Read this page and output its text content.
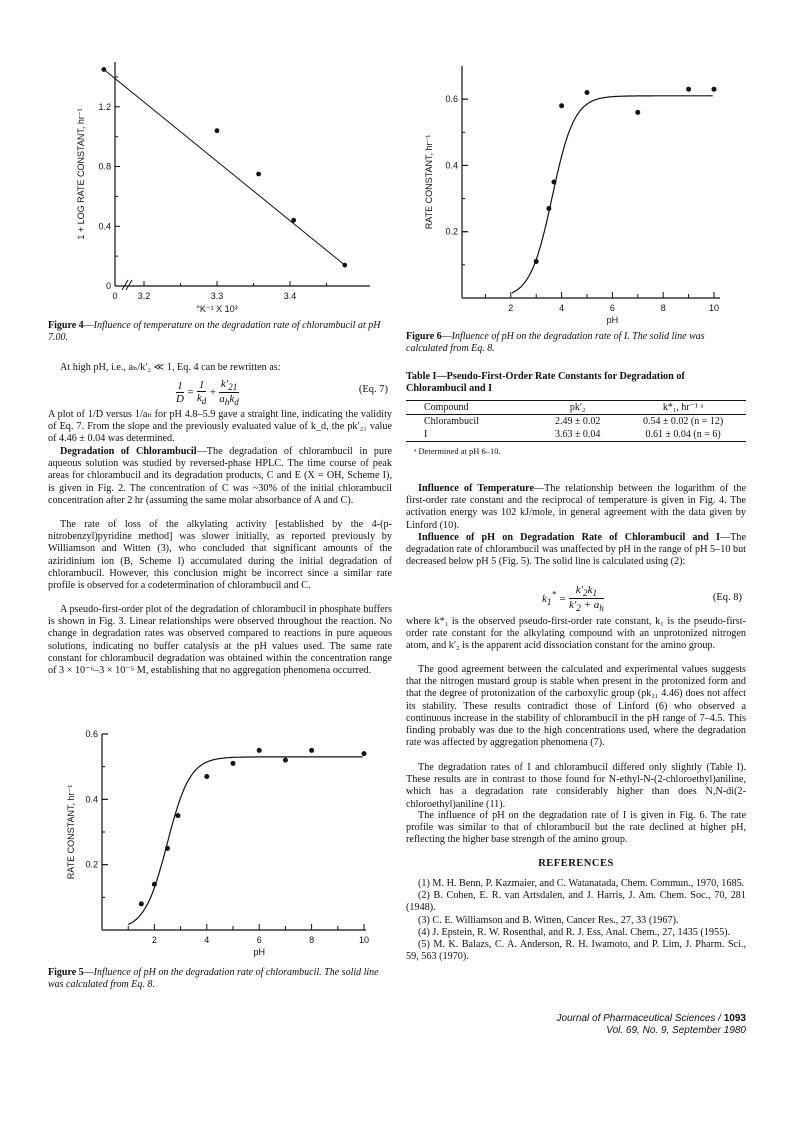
0
0.4
0.8
1.2
0 3.2	3.3	3.4
°K⁻¹ X 10³
1 + LOG RATE CONSTANT, hr⁻¹
Figure 4—Influence of temperature on the degradation rate of chlorambucil at pH 7.00.

At high pH, i.e., aₕ/k′₂ ≪ 1, Eq. 4 can be rewritten as:

$\frac{1}{D} = \frac{1}{k_d}$ +
$k'_{21}$
$a_hk_d$
(Eq. 7)

A plot of 1/D versus 1/aₕ for pH 4.8–5.9 gave a straight line, indicating the validity of Eq. 7. From the slope and the previously evaluated value of k_d, the pk′₂₁ value of 4.46 ± 0.04 was determined.

Degradation of Chlorambucil—The degradation of chlorambucil in pure aqueous solution was studied by reversed-phase HPLC. The time course of peak areas for chlorambucil and its degradation products, C and E (X = OH, Scheme I), is given in Fig. 2. The concentration of C was ~30% of the initial chlorambucil concentration after 2 hr (assuming the same molar absorbance of A and C).

The rate of loss of the alkylating activity [established by the 4-(p-nitrobenzyl)pyridine method] was slower initially, as reported previously by Williamson and Witten (3), who concluded that significant amounts of the aziridinium ion (B, Scheme I) accumulated during the initial degradation of chlorambucil. However, this conclusion might be incorrect since a similar rate profile is observed for a codetermination of chlorambucil and C.

A pseudo-first-order plot of the degradation of chlorambucil in phosphate buffers is shown in Fig. 3. Linear relationships were observed throughout the reaction. No change in degradation rates was observed compared to reactions in pure aqueous solutions, indicating no buffer catalysis at the pH values used. The same rate constant for chlorambucil degradation was obtained within the concentration range of 3 × 10⁻⁶–3 × 10⁻⁵ M, establishing that no aggregation phenomena occurred.

0.2
0.4
0.6
2	4	6	8	10
pH
RATE CONSTANT, hr⁻¹
Figure 5—Influence of pH on the degradation rate of chlorambucil. The solid line was calculated from Eq. 8.
0.2
0.4
0.6
2	4	6	8	10
pH
RATE CONSTANT, hr⁻¹
Figure 6—Influence of pH on the degradation rate of I. The solid line was calculated from Eq. 8.
Table I—Pseudo-First-Order Rate Constants for Degradation of Chlorambucil and I
Compound	pk′₂	k*₁, hr⁻¹ ᵃ
Chlorambucil	2.49 ± 0.02	0.54 ± 0.02 (n = 12)
I	3.63 ± 0.04	0.61 ± 0.04 (n = 6)
ᵃ Determined at pH 6–10.

Influence of Temperature—The relationship between the logarithm of the first-order rate constant and the reciprocal of temperature is given in Fig. 4. The activation energy was 102 kJ/mole, in general agreement with the data given by Linford (10).

Influence of pH on Degradation Rate of Chlorambucil and I—The degradation rate of chlorambucil was unaffected by pH in the range of pH 5–10 but decreased below pH 5 (Fig. 5). The solid line is calculated using (2):

$k_1^* = \frac{k'_2k_1}{k'_2 + a_h}$	(Eq. 8)

where k*₁ is the observed pseudo-first-order rate constant, k₁ is the pseudo-first-order rate constant for the alkylating compound with an unprotonized nitrogen atom, and k′₂ is the apparent acid dissociation constant for the amino group.

The good agreement between the calculated and experimental values suggests that the nitrogen mustard group is stable when present in the protonized form and that the degree of protonization of the carboxylic group (pk₂₁ 4.46) does not affect its stability. These results contradict those of Linford (6) who observed a continuous increase in the stability of chlorambucil in the pH range of 7–4.5. This finding probably was due to the high concentrations used, where the degradation rate was affected by aggregation phenomena (7).

The degradation rates of I and chlorambucil differed only slightly (Table I). These results are in contrast to those found for N-ethyl-N-(2-chloroethyl)aniline, which has a degradation rate considerably higher than does N,N-di(2-chloroethyl)aniline (11).

The influence of pH on the degradation rate of I is given in Fig. 6. The rate profile was similar to that of chlorambucil but the rate declined at higher pH, reflecting the higher base strength of the amino group.

REFERENCES

(1) M. H. Benn, P. Kazmaier, and C. Watanatada, Chem. Commun., 1970, 1685.

(2) B. Cohen, E. R. van Artsdalen, and J. Harris, J. Am. Chem. Soc., 70, 281 (1948).

(3) C. E. Williamson and B. Witten, Cancer Res., 27, 33 (1967).

(4) J. Epstein, R. W. Rosenthal, and R. J. Ess, Anal. Chem., 27, 1435 (1955).

(5) M. K. Balazs, C. A. Anderson, R. H. Iwamoto, and P. Lim, J. Pharm. Sci., 59, 563 (1970).

Journal of Pharmaceutical Sciences / 1093
Vol. 69, No. 9, September 1980
